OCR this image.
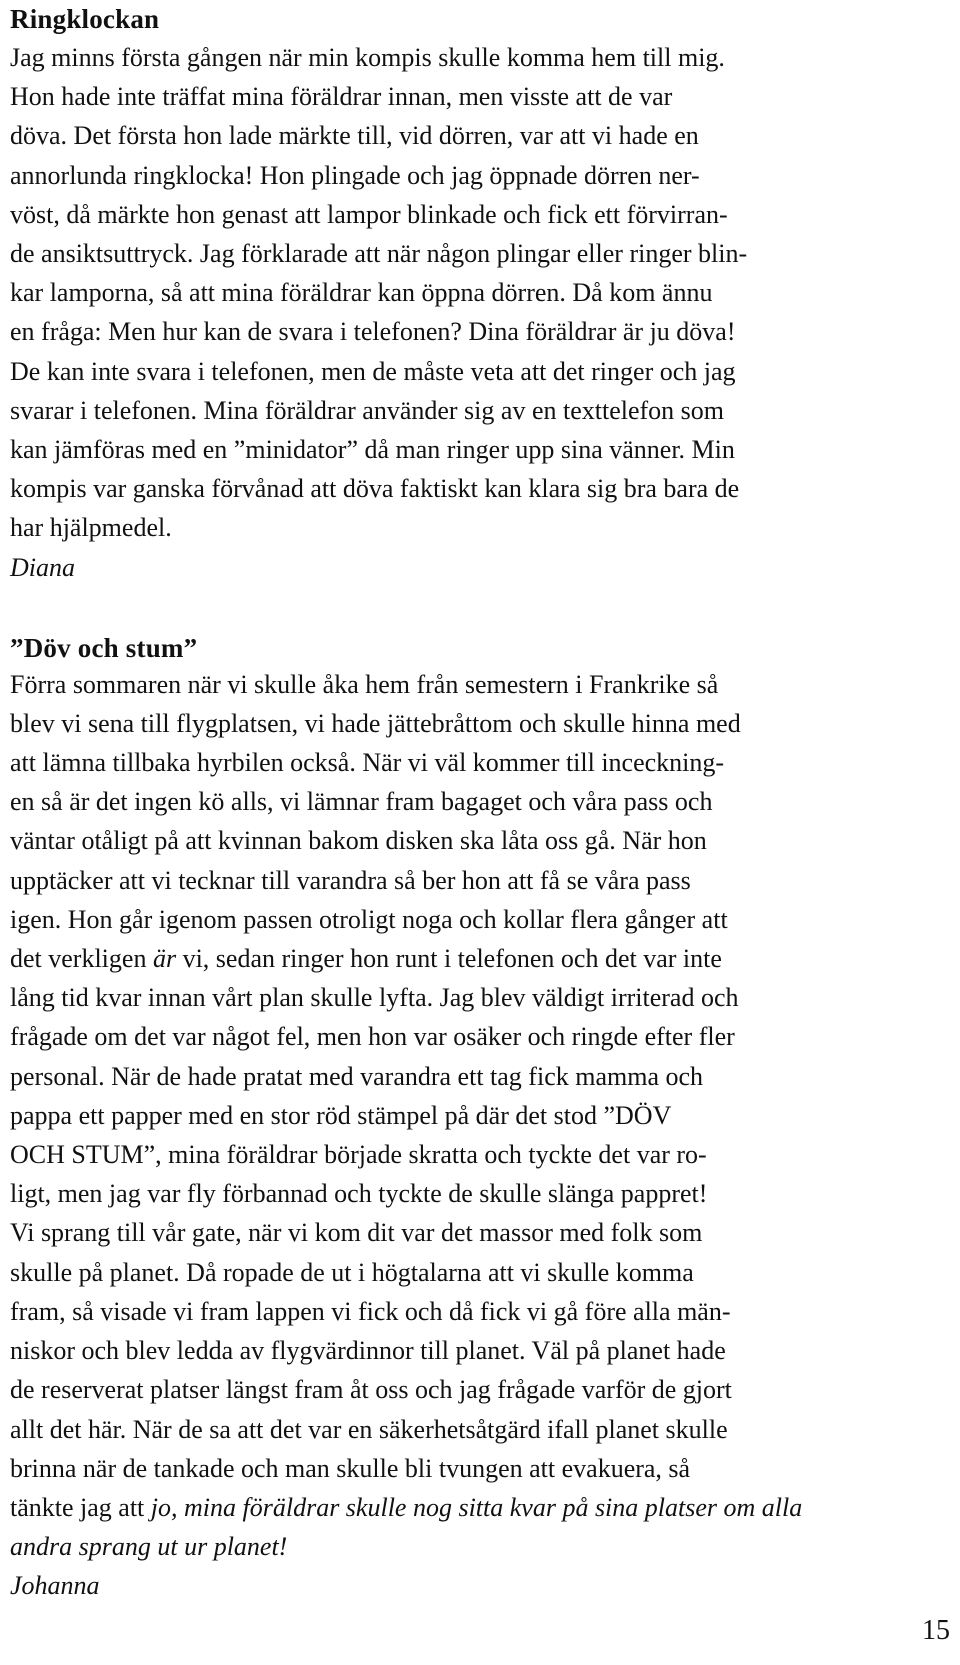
Ringklockan
Jag minns första gången när min kompis skulle komma hem till mig.
Hon hade inte träffat mina föräldrar innan, men visste att de var
döva. Det första hon lade märkte till, vid dörren, var att vi hade en
annorlunda ringklocka! Hon plingade och jag öppnade dörren ner-
vöst, då märkte hon genast att lampor blinkade och fick ett förvirran-
de ansiktsuttryck. Jag förklarade att när någon plingar eller ringer blin-
kar lamporna, så att mina föräldrar kan öppna dörren. Då kom ännu
en fråga: Men hur kan de svara i telefonen? Dina föräldrar är ju döva!
De kan inte svara i telefonen, men de måste veta att det ringer och jag
svarar i telefonen. Mina föräldrar använder sig av en texttelefon som
kan jämföras med en ”minidator” då man ringer upp sina vänner. Min
kompis var ganska förvånad att döva faktiskt kan klara sig bra bara de
har hjälpmedel.

Diana

”Döv och stum”
Förra sommaren när vi skulle åka hem från semestern i Frankrike så
blev vi sena till flygplatsen, vi hade jättebråttom och skulle hinna med
att lämna tillbaka hyrbilen också. När vi väl kommer till inceckning-
en så är det ingen kö alls, vi lämnar fram bagaget och våra pass och
väntar otåligt på att kvinnan bakom disken ska låta oss gå. När hon
upptäcker att vi tecknar till varandra så ber hon att få se våra pass
igen. Hon går igenom passen otroligt noga och kollar flera gånger att
det verkligen är vi, sedan ringer hon runt i telefonen och det var inte
lång tid kvar innan vårt plan skulle lyfta. Jag blev väldigt irriterad och
frågade om det var något fel, men hon var osäker och ringde efter fler
personal. När de hade pratat med varandra ett tag fick mamma och
pappa ett papper med en stor röd stämpel på där det stod ”DÖV
OCH STUM”, mina föräldrar började skratta och tyckte det var ro-
ligt, men jag var fly förbannad och tyckte de skulle slänga pappret!
Vi sprang till vår gate, när vi kom dit var det massor med folk som
skulle på planet. Då ropade de ut i högtalarna att vi skulle komma
fram, så visade vi fram lappen vi fick och då fick vi gå före alla män-
niskor och blev ledda av flygvärdinnor till planet. Väl på planet hade
de reserverat platser längst fram åt oss och jag frågade varför de gjort
allt det här. När de sa att det var en säkerhetsåtgärd ifall planet skulle
brinna när de tankade och man skulle bli tvungen att evakuera, så
tänkte jag att jo, mina föräldrar skulle nog sitta kvar på sina platser om alla
andra sprang ut ur planet!

Johanna

15
